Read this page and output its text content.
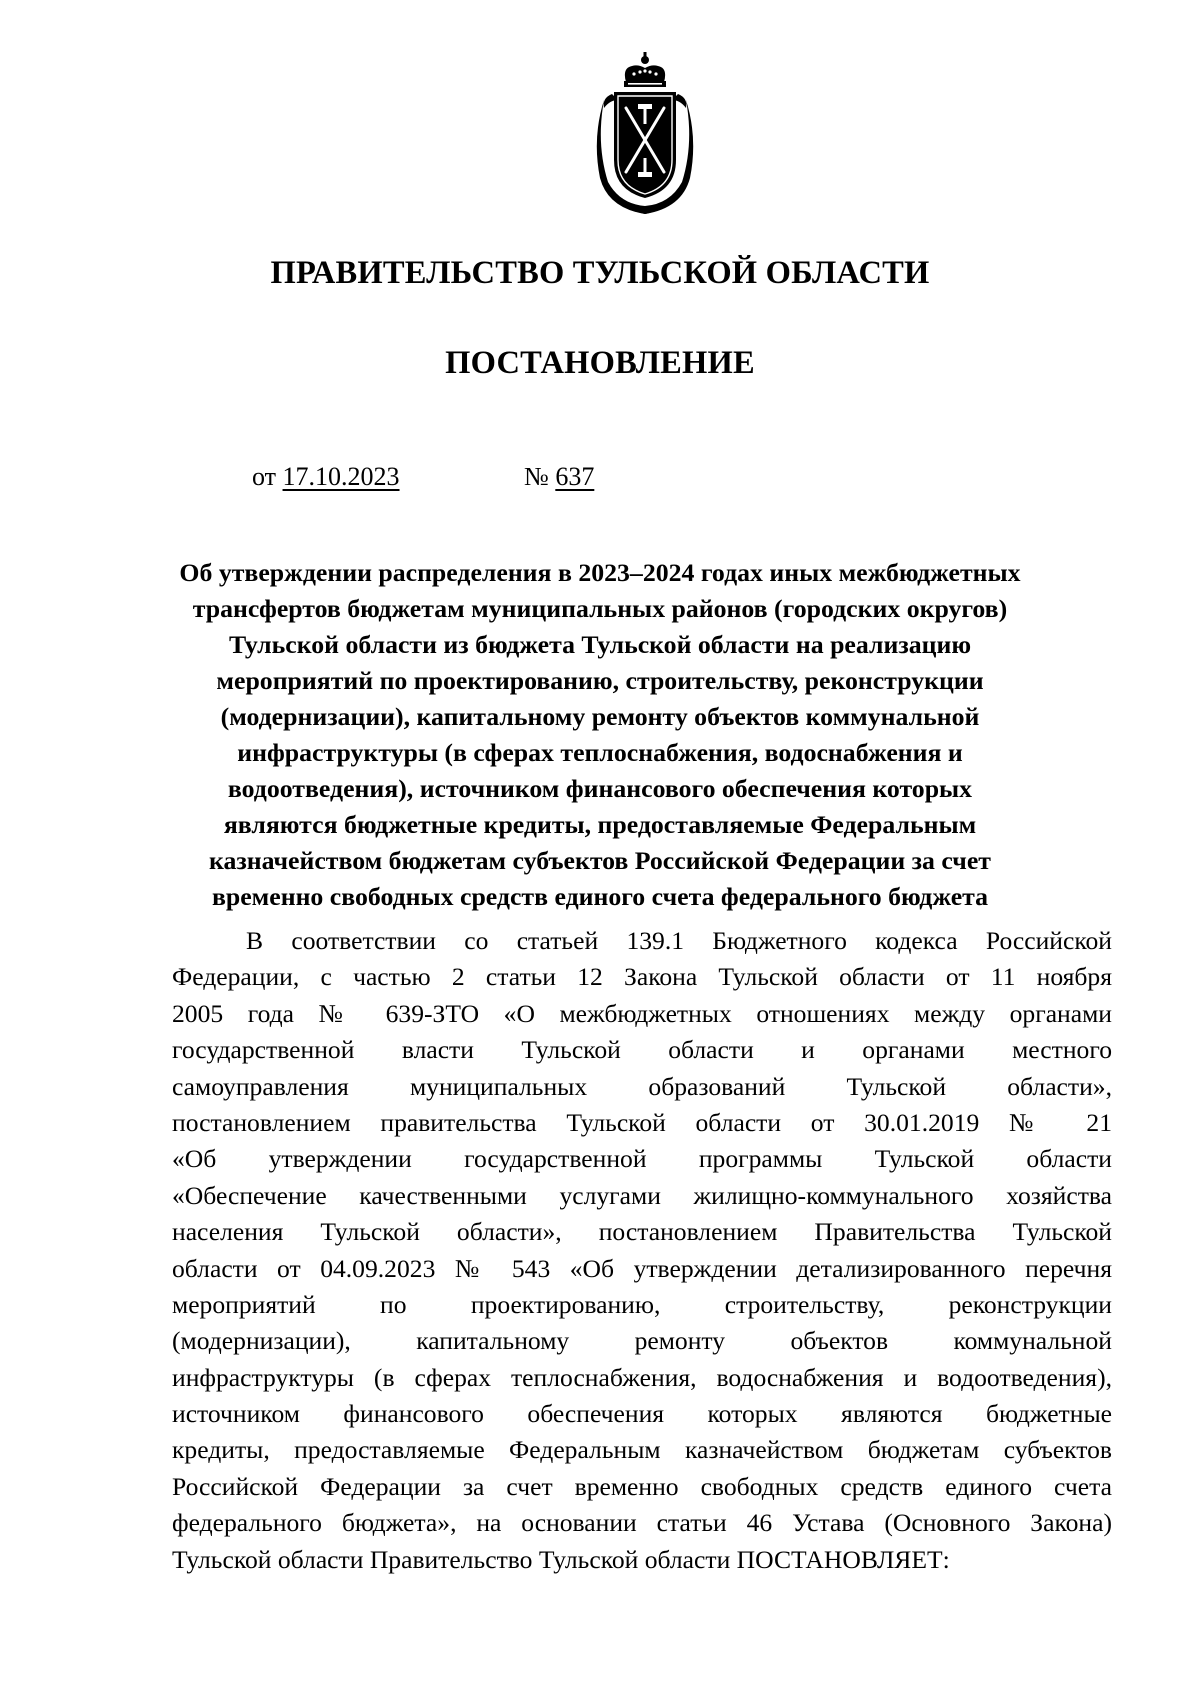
ПРАВИТЕЛЬСТВО ТУЛЬСКОЙ ОБЛАСТИ
ПОСТАНОВЛЕНИЕ
от 17.10.2023	№ 637
Об утверждении распределения в 2023–2024 годах иных межбюджетных
трансфертов бюджетам муниципальных районов (городских округов)
Тульской области из бюджета Тульской области на реализацию
мероприятий по проектированию, строительству, реконструкции
(модернизации), капитальному ремонту объектов коммунальной
инфраструктуры (в сферах теплоснабжения, водоснабжения и
водоотведения), источником финансового обеспечения которых
являются бюджетные кредиты, предоставляемые Федеральным
казначейством бюджетам субъектов Российской Федерации за счет
временно свободных средств единого счета федерального бюджета
В соответствии со статьей 139.1 Бюджетного кодекса Российской
Федерации, с частью 2 статьи 12 Закона Тульской области от 11 ноября
2005 года № 639-ЗТО «О межбюджетных отношениях между органами
государственной власти Тульской области и органами местного
самоуправления муниципальных образований Тульской области»,
постановлением правительства Тульской области от 30.01.2019 № 21
«Об утверждении государственной программы Тульской области
«Обеспечение качественными услугами жилищно-коммунального хозяйства
населения Тульской области», постановлением Правительства Тульской
области от 04.09.2023 № 543 «Об утверждении детализированного перечня
мероприятий по проектированию, строительству, реконструкции
(модернизации), капитальному ремонту объектов коммунальной
инфраструктуры (в сферах теплоснабжения, водоснабжения и водоотведения),
источником финансового обеспечения которых являются бюджетные
кредиты, предоставляемые Федеральным казначейством бюджетам субъектов
Российской Федерации за счет временно свободных средств единого счета
федерального бюджета», на основании статьи 46 Устава (Основного Закона)
Тульской области Правительство Тульской области ПОСТАНОВЛЯЕТ:
